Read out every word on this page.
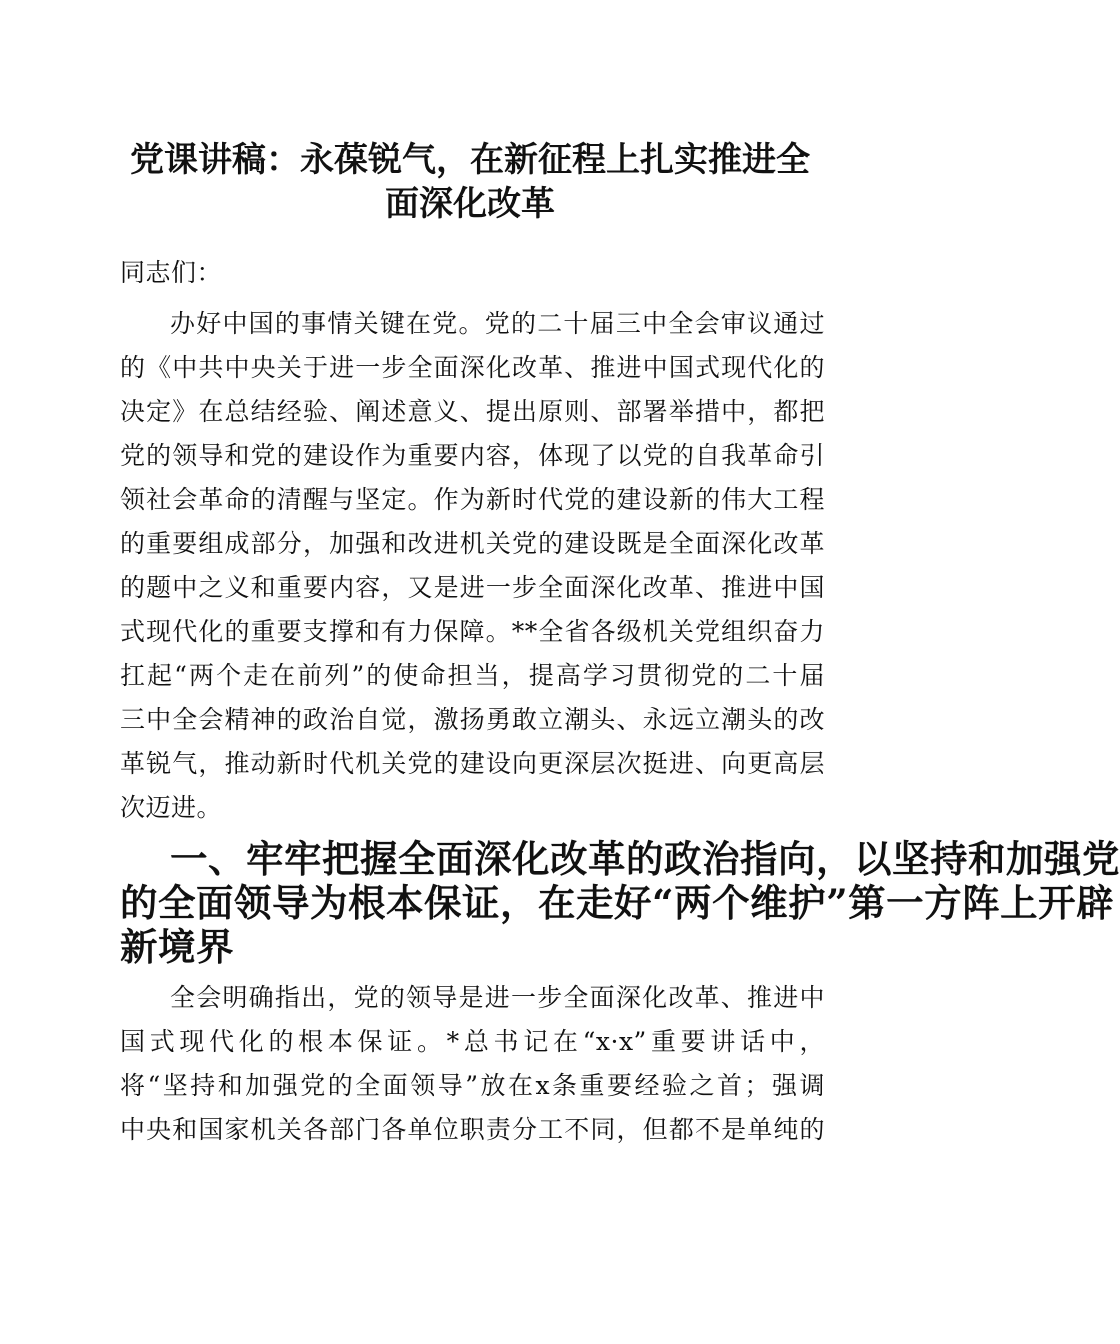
党课讲稿：永葆锐气，在新征程上扎实推进全
面深化改革

同志们：

办好中国的事情关键在党。党的二十届三中全会审议通过
的《中共中央关于进一步全面深化改革、推进中国式现代化的
决定》在总结经验、阐述意义、提出原则、部署举措中，都把
党的领导和党的建设作为重要内容，体现了以党的自我革命引
领社会革命的清醒与坚定。作为新时代党的建设新的伟大工程
的重要组成部分，加强和改进机关党的建设既是全面深化改革
的题中之义和重要内容，又是进一步全面深化改革、推进中国
式现代化的重要支撑和有力保障。**全省各级机关党组织奋力
扛起“两个走在前列”的使命担当，提高学习贯彻党的二十届
三中全会精神的政治自觉，激扬勇敢立潮头、永远立潮头的改
革锐气，推动新时代机关党的建设向更深层次挺进、向更高层
次迈进。

一、牢牢把握全面深化改革的政治指向，以坚持和加强党
的全面领导为根本保证，在走好“两个维护”第一方阵上开辟
新境界

全会明确指出，党的领导是进一步全面深化改革、推进中
国式现代化的根本保证。*总书记在“x·x”重要讲话中，
将“坚持和加强党的全面领导”放在x条重要经验之首；强调
中央和国家机关各部门各单位职责分工不同，但都不是单纯的
